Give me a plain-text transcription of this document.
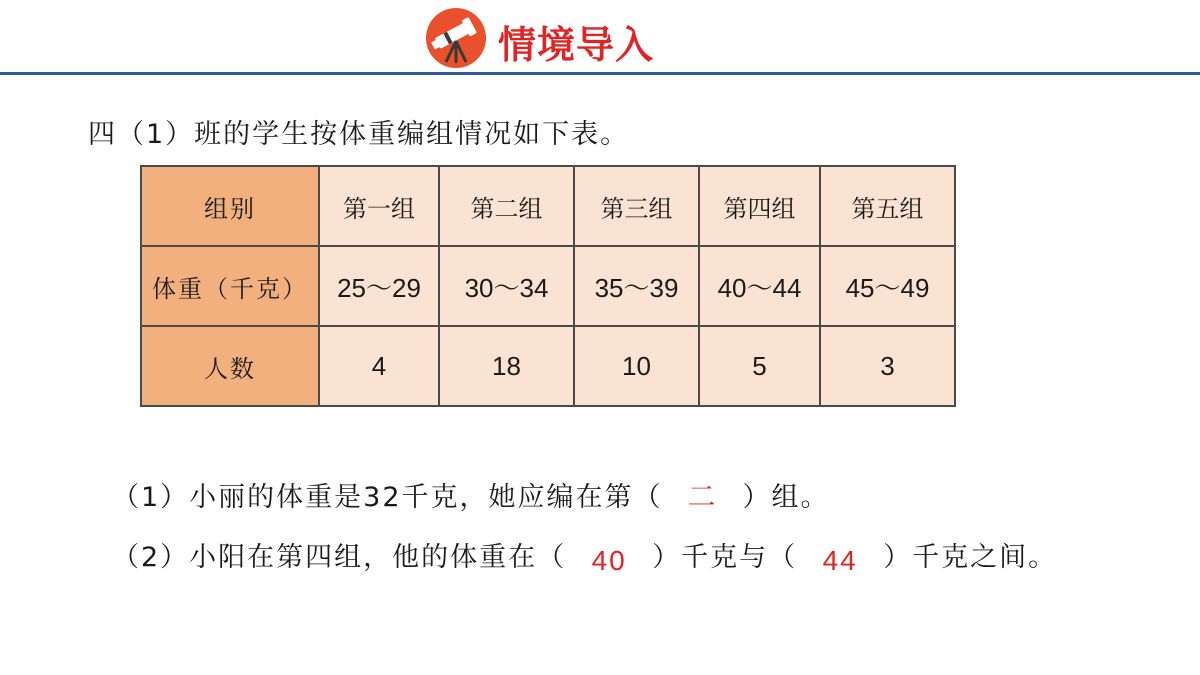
情境导入
四（1）班的学生按体重编组情况如下表。
组别	第一组	第二组	第三组	第四组	第五组
体重（千克）	25～29	30～34	35～39	40～44	45～49
人数	4	18	10	5	3
（1）小丽的体重是32千克，她应编在第（ 二 ）组。
（2）小阳在第四组，他的体重在（ 40 ）千克与（ 44 ）千克之间。
